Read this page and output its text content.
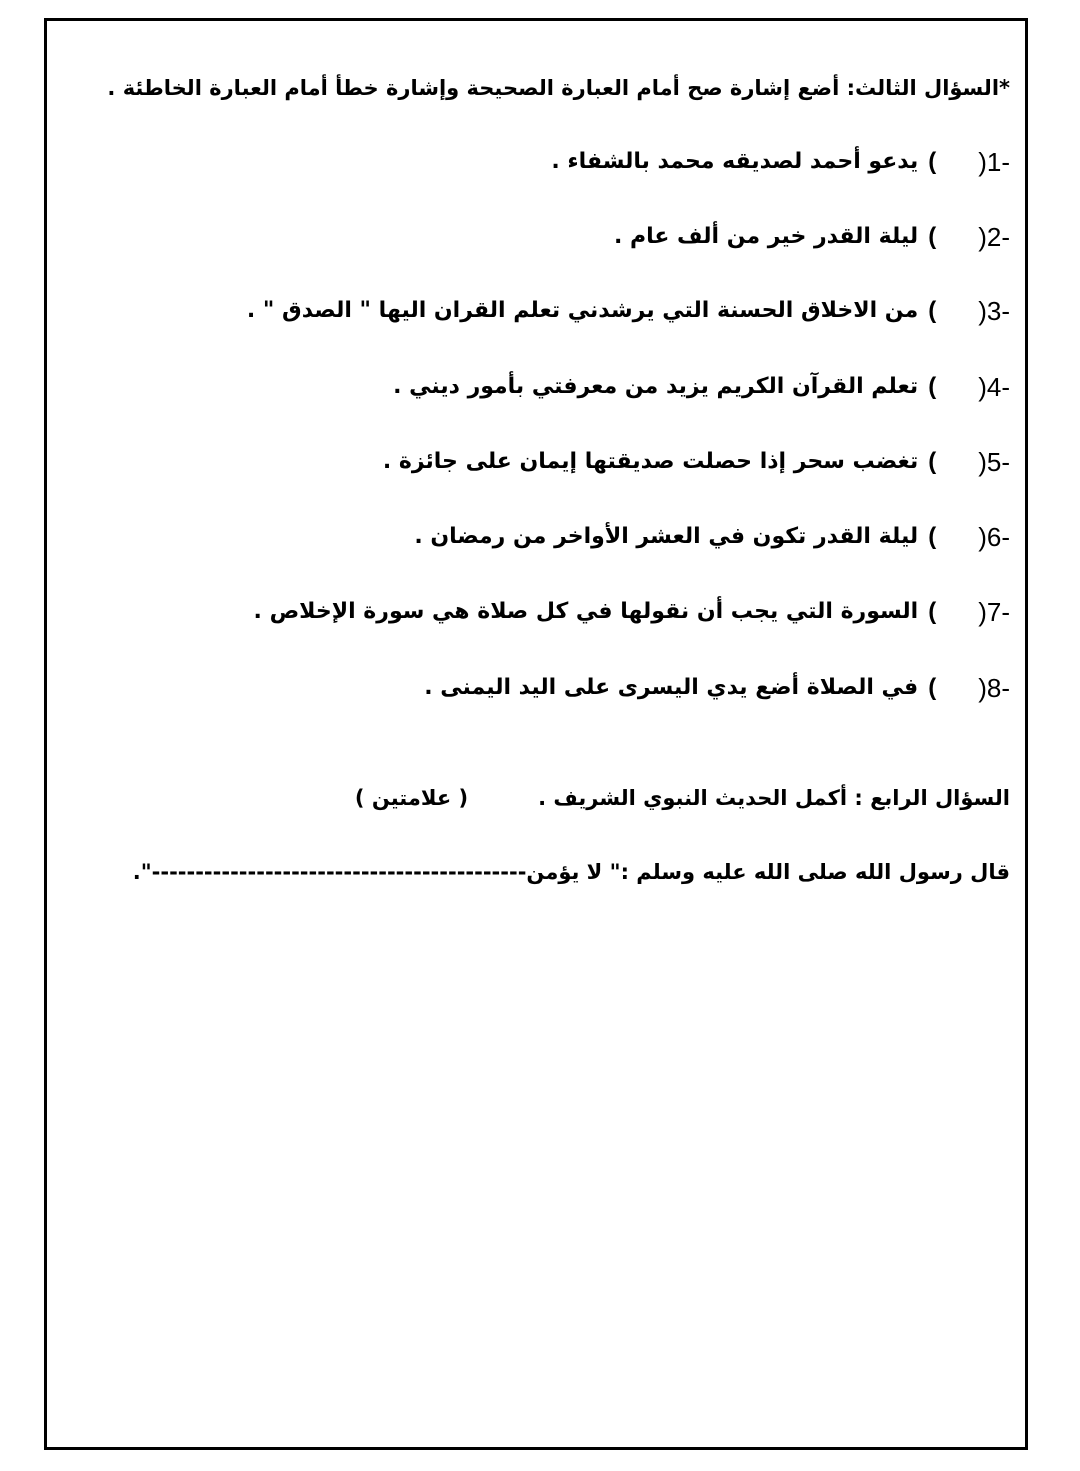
*السؤال الثالث: أضع إشارة صح أمام العبارة الصحيحة وإشارة خطأ أمام العبارة الخاطئة .
1-
(
)
يدعو أحمد لصديقه محمد بالشفاء .
2-
(
)
ليلة القدر خير من ألف عام .
3-
(
)
من الاخلاق الحسنة التي يرشدني تعلم القران اليها " الصدق " .
4-
(
)
تعلم القرآن الكريم يزيد من معرفتي بأمور ديني .
5-
(
)
تغضب سحر إذا حصلت صديقتها إيمان على جائزة .
6-
(
)
ليلة القدر تكون في العشر الأواخر من رمضان .
7-
(
)
السورة التي يجب أن نقولها في كل صلاة هي سورة الإخلاص .
8-
(
)
في الصلاة أضع يدي اليسرى على اليد اليمنى .
السؤال الرابع : أكمل الحديث النبوي الشريف .
( علامتين )
قال رسول الله صلى الله عليه وسلم :" لا يؤمن-------------------------------------------".
